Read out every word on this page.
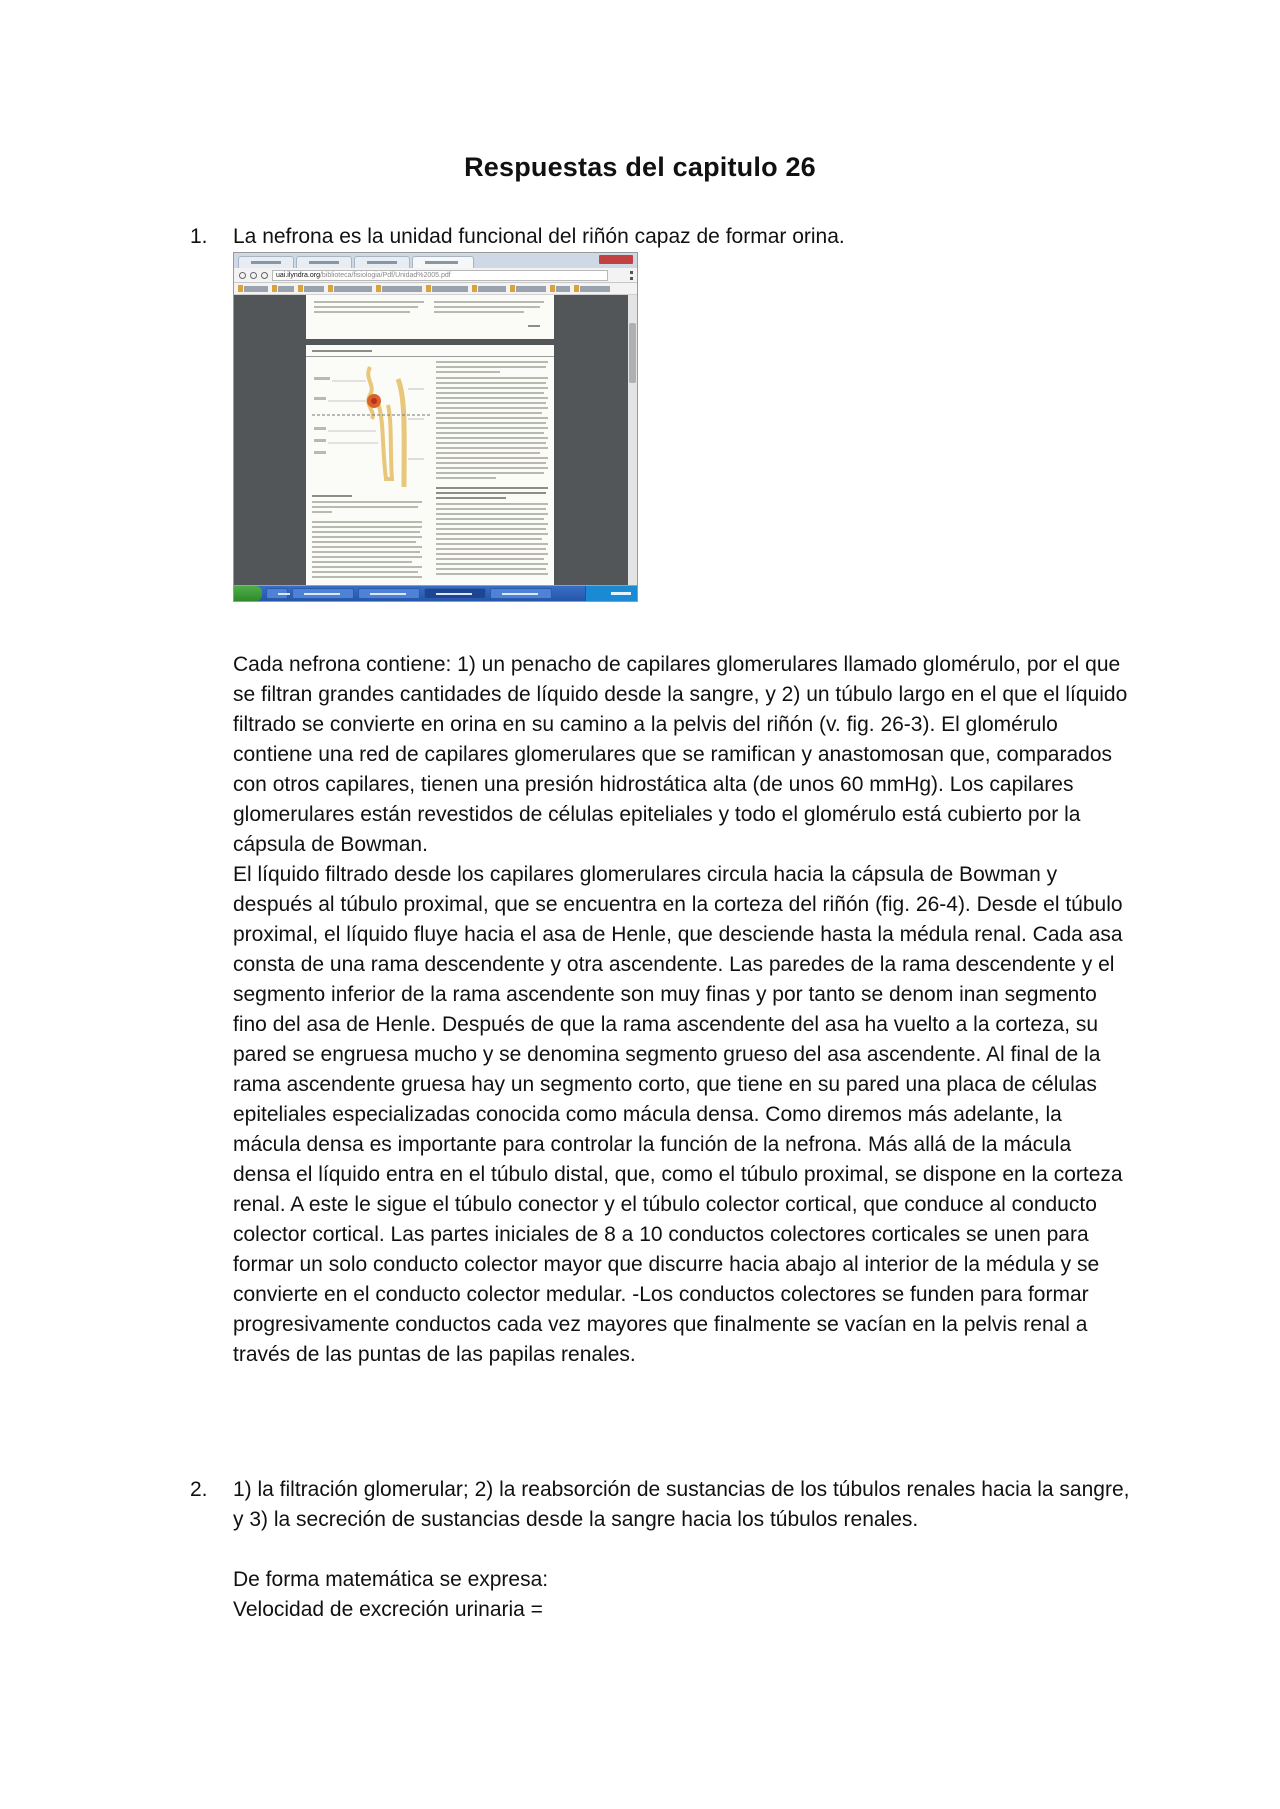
Respuestas del capitulo 26
1. La nefrona es la unidad funcional del riñón capaz de formar orina.
uai.ilyndra.org/biblioteca/fisiologia/Pdf/Unidad%2005.pdf
Cada nefrona contiene: 1) un penacho de capilares glomerulares llamado glomérulo, por el que se filtran grandes cantidades de líquido desde la sangre, y 2) un túbulo largo en el que el líquido filtrado se convierte en orina en su camino a la pelvis del riñón (v. fig. 26-3). El glomérulo contiene una red de capilares glomerulares que se ramifican y anastomosan que, comparados con otros capilares, tienen una presión hidrostática alta (de unos 60 mmHg). Los capilares glomerulares están revestidos de células epiteliales y todo el glomérulo está cubierto por la cápsula de Bowman.
El líquido filtrado desde los capilares glomerulares circula hacia la cápsula de Bowman y después al túbulo proximal, que se encuentra en la corteza del riñón (fig. 26-4). Desde el túbulo proximal, el líquido fluye hacia el asa de Henle, que desciende hasta la médula renal. Cada asa consta de una rama descendente y otra ascendente. Las paredes de la rama descendente y el segmento inferior de la rama ascendente son muy finas y por tanto se denom inan segmento fino del asa de Henle. Después de que la rama ascendente del asa ha vuelto a la corteza, su pared se engruesa mucho y se denomina segmento grueso del asa ascendente. Al final de la rama ascendente gruesa hay un segmento corto, que tiene en su pared una placa de células epiteliales especializadas conocida como mácula densa. Como diremos más adelante, la mácula densa es importante para controlar la función de la nefrona. Más allá de la mácula densa el líquido entra en el túbulo distal, que, como el túbulo proximal, se dispone en la corteza renal. A este le sigue el túbulo conector y el túbulo colector cortical, que conduce al conducto colector cortical. Las partes iniciales de 8 a 10 conductos colectores corticales se unen para formar un solo conducto colector mayor que discurre hacia abajo al interior de la médula y se convierte en el conducto colector medular. -Los conductos colectores se funden para formar progresivamente conductos cada vez mayores que finalmente se vacían en la pelvis renal a través de las puntas de las papilas renales.
2. 1) la filtración glomerular; 2) la reabsorción de sustancias de los túbulos renales hacia la sangre, y 3) la secreción de sustancias desde la sangre hacia los túbulos renales.
De forma matemática se expresa:
Velocidad de excreción urinaria =
